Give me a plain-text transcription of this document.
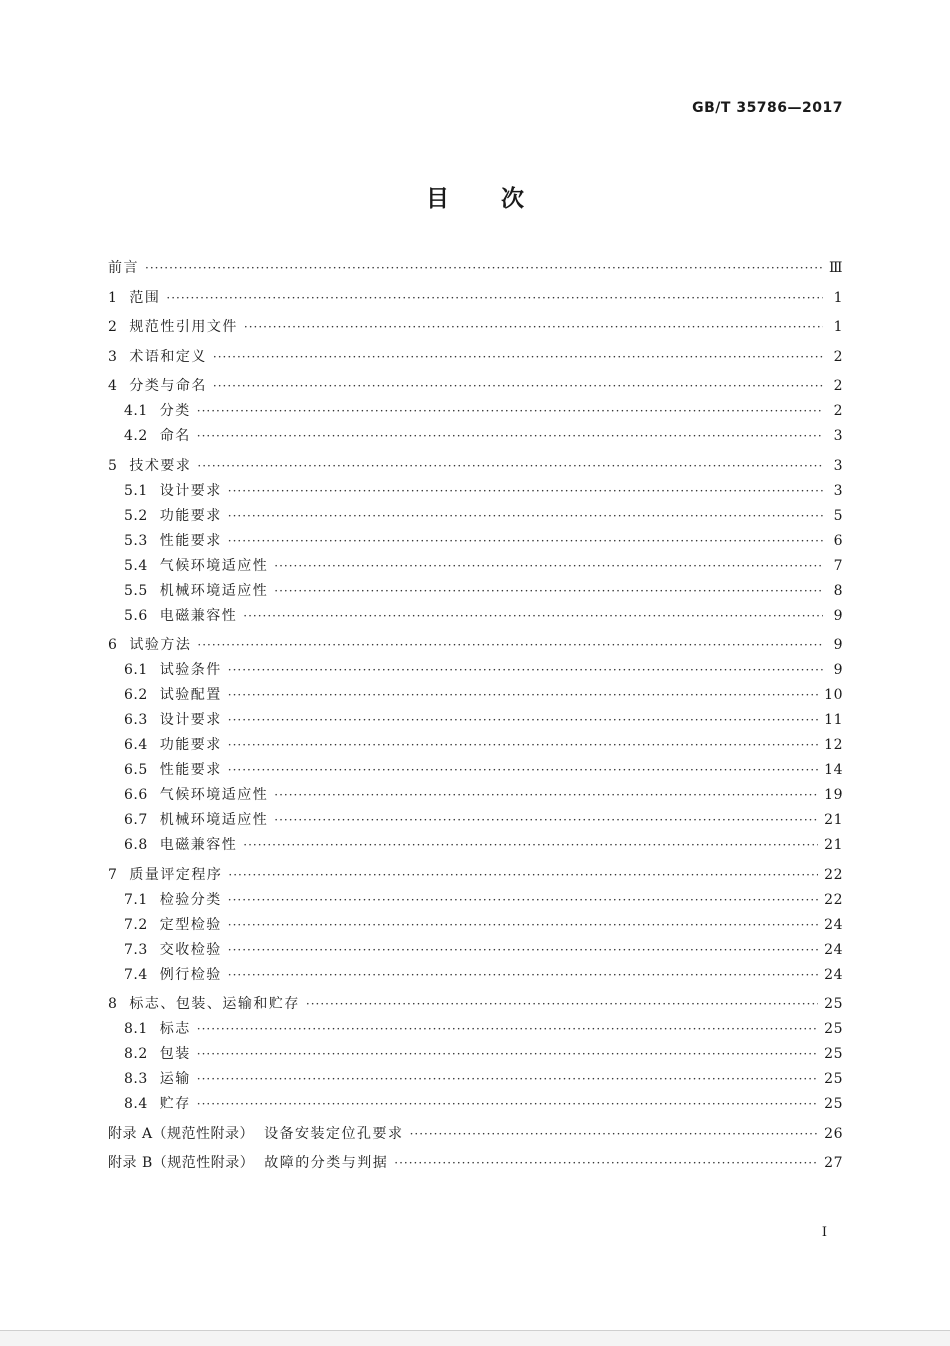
GB/T 35786—2017
目 次
前言 ·····	Ⅲ
1 范围 ·····	1
2 规范性引用文件 ·····	1
3 术语和定义 ·····	2
4 分类与命名 ·····	2
4.1 分类 ·····	2
4.2 命名 ·····	3
5 技术要求 ·····	3
5.1 设计要求 ·····	3
5.2 功能要求 ·····	5
5.3 性能要求 ·····	6
5.4 气候环境适应性 ·····	7
5.5 机械环境适应性 ·····	8
5.6 电磁兼容性 ·····	9
6 试验方法 ·····	9
6.1 试验条件 ·····	9
6.2 试验配置 ·····	10
6.3 设计要求 ·····	11
6.4 功能要求 ·····	12
6.5 性能要求 ·····	14
6.6 气候环境适应性 ·····	19
6.7 机械环境适应性 ·····	21
6.8 电磁兼容性 ·····	21
7 质量评定程序 ·····	22
7.1 检验分类 ·····	22
7.2 定型检验 ·····	24
7.3 交收检验 ·····	24
7.4 例行检验 ·····	24
8 标志、包装、运输和贮存 ·····	25
8.1 标志 ·····	25
8.2 包装 ·····	25
8.3 运输 ·····	25
8.4 贮存 ·····	25
附录 A（规范性附录） 设备安装定位孔要求 ·····	26
附录 B（规范性附录） 故障的分类与判据 ·····	27
I
